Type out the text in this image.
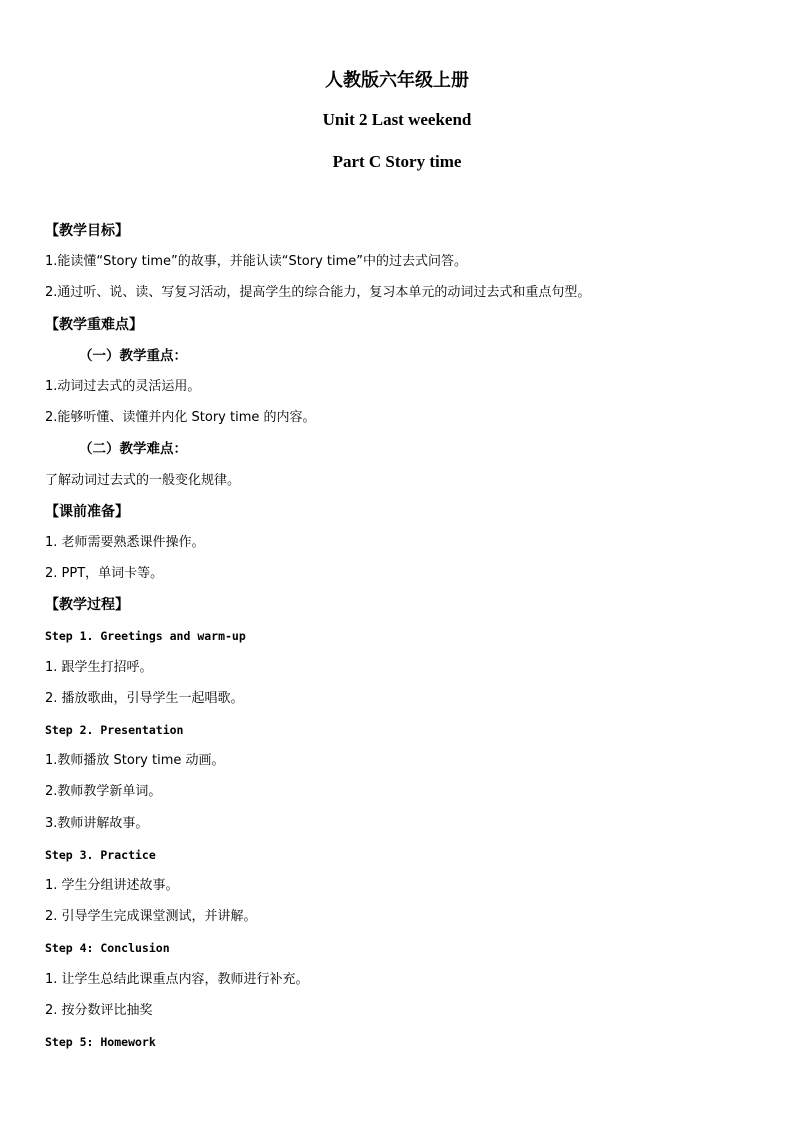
人教版六年级上册
Unit 2 Last weekend
Part C Story time
【教学目标】
1.能读懂“Story time”的故事，并能认读“Story time”中的过去式问答。
2.通过听、说、读、写复习活动，提高学生的综合能力，复习本单元的动词过去式和重点句型。
【教学重难点】
（一）教学重点：
1.动词过去式的灵活运用。
2.能够听懂、读懂并内化 Story time 的内容。
（二）教学难点：
了解动词过去式的一般变化规律。
【课前准备】
1. 老师需要熟悉课件操作。
2. PPT，单词卡等。
【教学过程】
Step 1. Greetings and warm-up
1. 跟学生打招呼。
2. 播放歌曲，引导学生一起唱歌。
Step 2. Presentation
1.教师播放 Story time 动画。
2.教师教学新单词。
3.教师讲解故事。
Step 3. Practice
1. 学生分组讲述故事。
2. 引导学生完成课堂测试，并讲解。
Step 4: Conclusion
1. 让学生总结此课重点内容，教师进行补充。
2. 按分数评比抽奖
Step 5: Homework
